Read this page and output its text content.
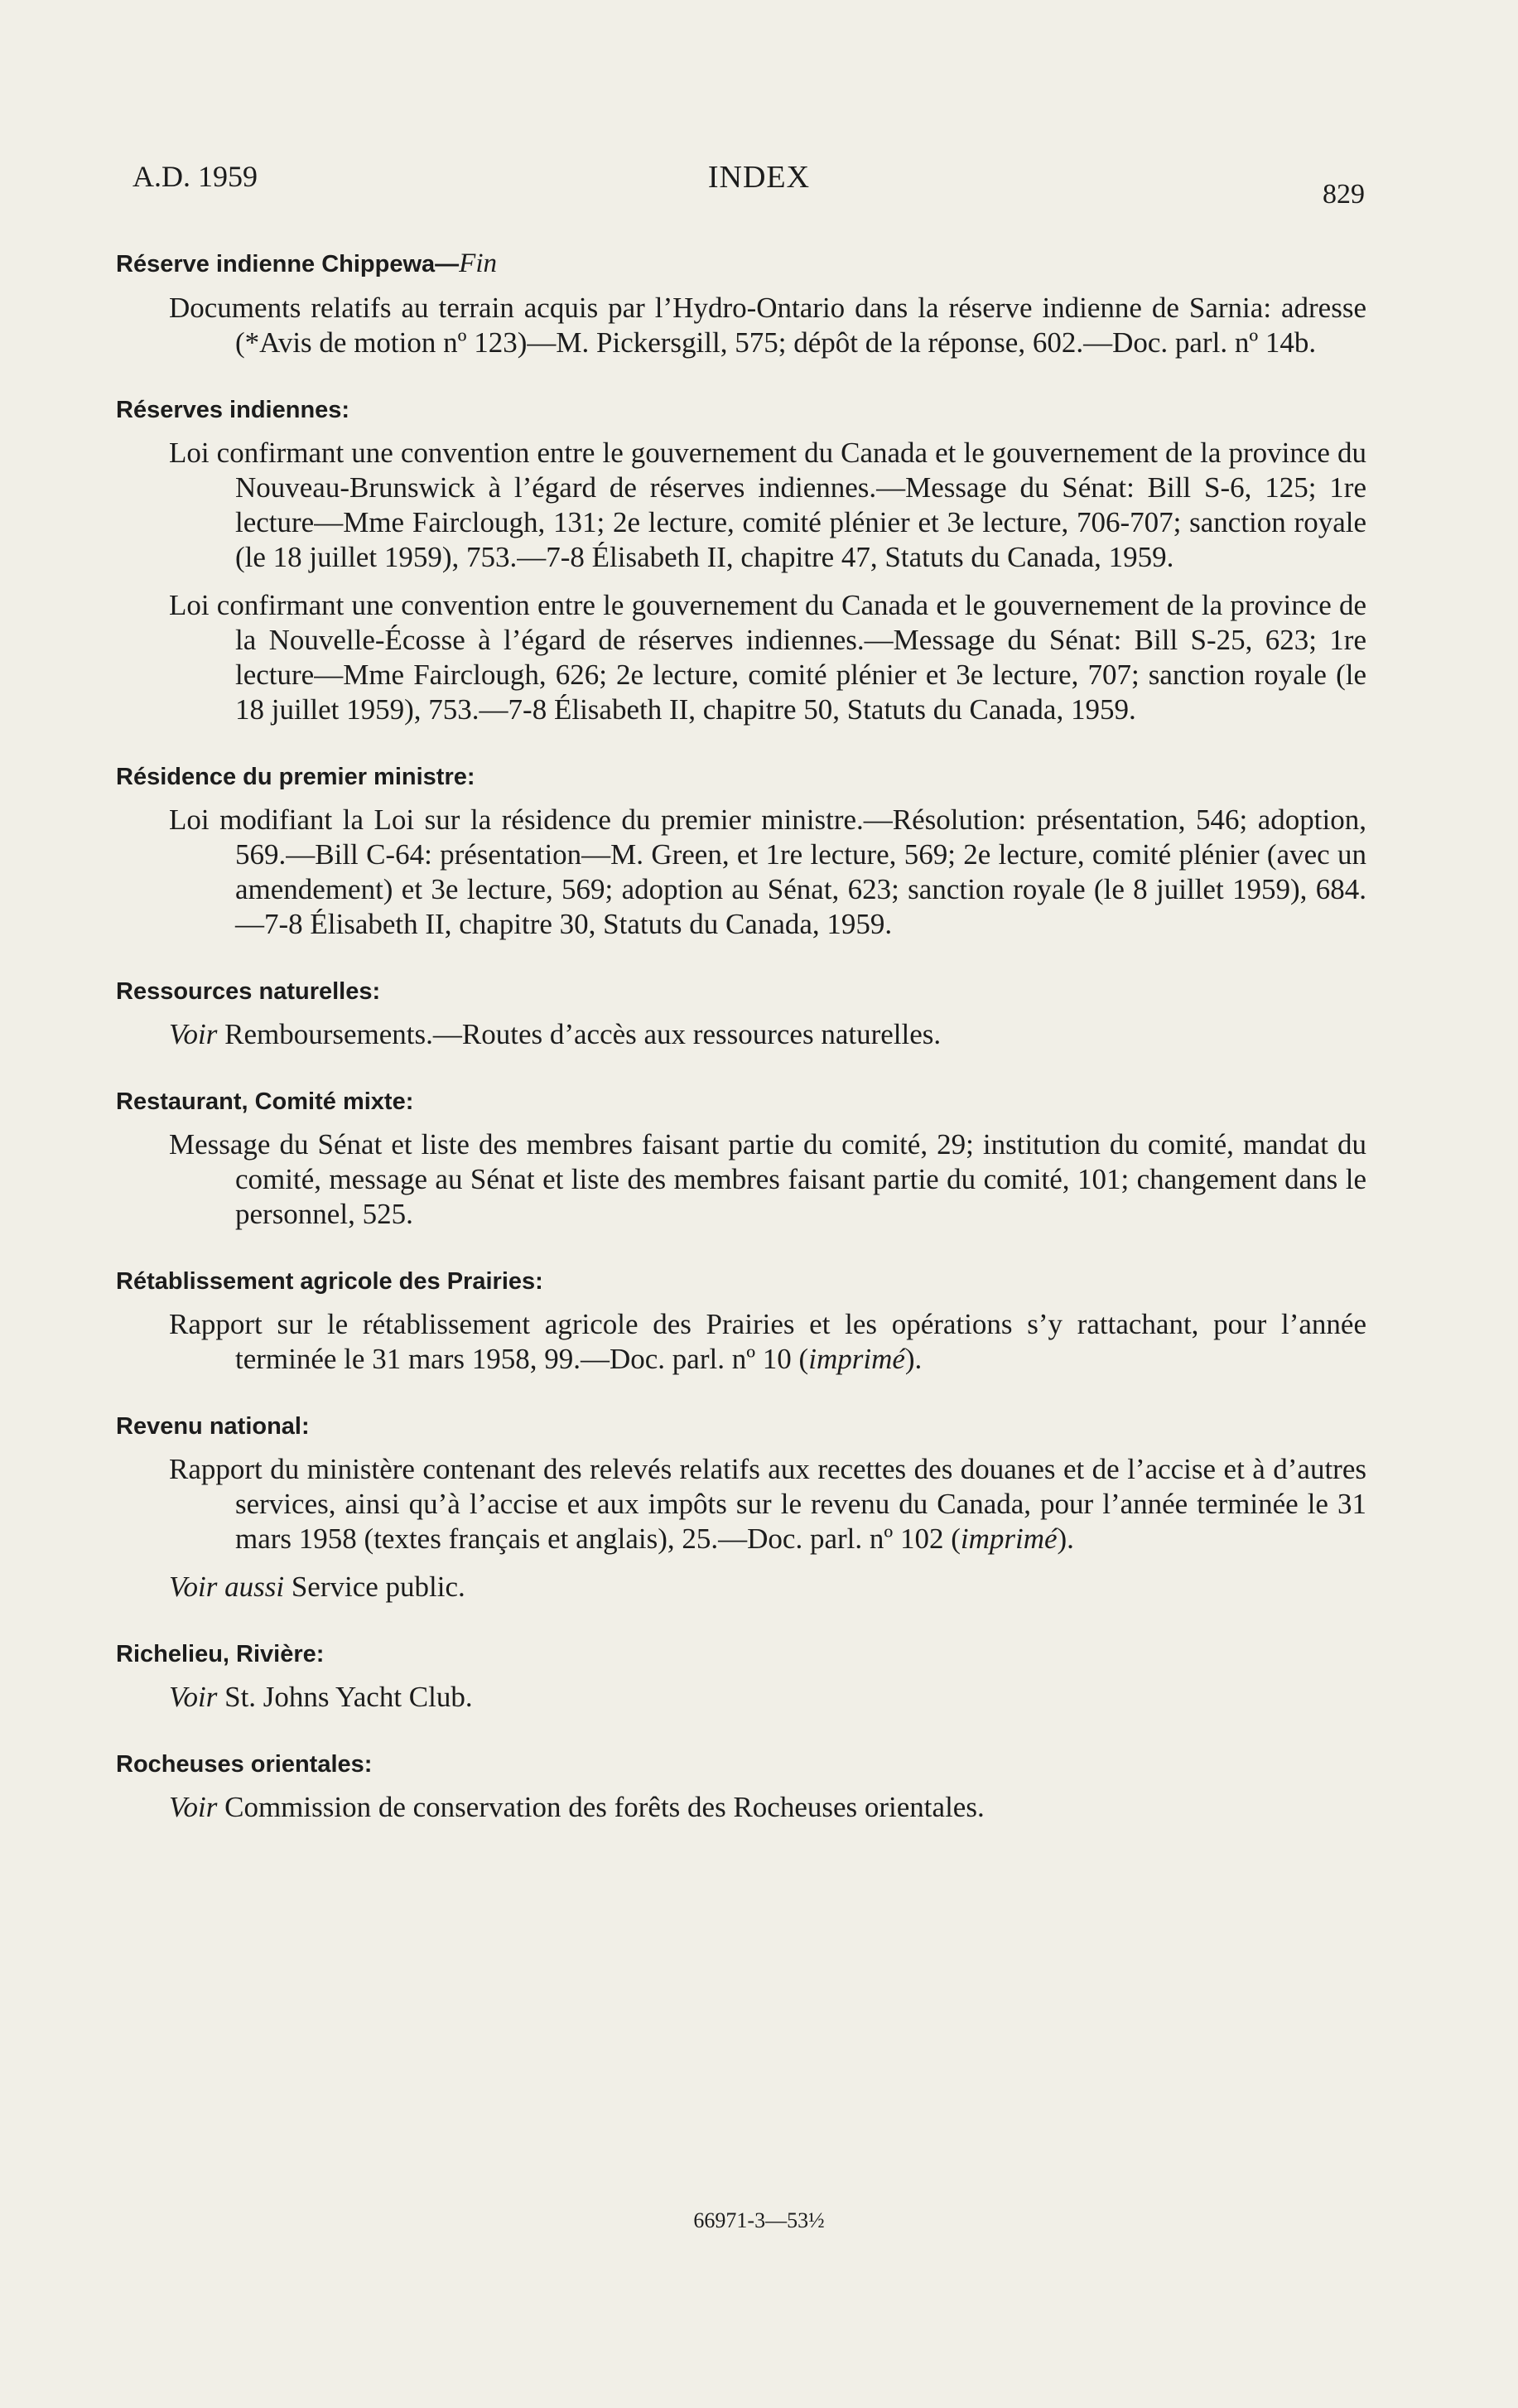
A.D. 1959	INDEX	829

Réserve indienne Chippewa—Fin

Documents relatifs au terrain acquis par l’Hydro-Ontario dans la réserve indienne de Sarnia: adresse (*Avis de motion nº 123)—M. Pickersgill, 575; dépôt de la réponse, 602.—Doc. parl. nº 14b.

Réserves indiennes:

Loi confirmant une convention entre le gouvernement du Canada et le gouvernement de la province du Nouveau-Brunswick à l’égard de réserves indiennes.—Message du Sénat: Bill S-6, 125; 1re lecture—Mme Fairclough, 131; 2e lecture, comité plénier et 3e lecture, 706-707; sanction royale (le 18 juillet 1959), 753.—7-8 Élisabeth II, chapitre 47, Statuts du Canada, 1959.

Loi confirmant une convention entre le gouvernement du Canada et le gouvernement de la province de la Nouvelle-Écosse à l’égard de réserves indiennes.—Message du Sénat: Bill S-25, 623; 1re lecture—Mme Fairclough, 626; 2e lecture, comité plénier et 3e lecture, 707; sanction royale (le 18 juillet 1959), 753.—7-8 Élisabeth II, chapitre 50, Statuts du Canada, 1959.

Résidence du premier ministre:

Loi modifiant la Loi sur la résidence du premier ministre.—Résolution: présentation, 546; adoption, 569.—Bill C-64: présentation—M. Green, et 1re lecture, 569; 2e lecture, comité plénier (avec un amendement) et 3e lecture, 569; adoption au Sénat, 623; sanction royale (le 8 juillet 1959), 684.—7-8 Élisabeth II, chapitre 30, Statuts du Canada, 1959.

Ressources naturelles:

Voir Remboursements.—Routes d’accès aux ressources naturelles.

Restaurant, Comité mixte:

Message du Sénat et liste des membres faisant partie du comité, 29; institution du comité, mandat du comité, message au Sénat et liste des membres faisant partie du comité, 101; changement dans le personnel, 525.

Rétablissement agricole des Prairies:

Rapport sur le rétablissement agricole des Prairies et les opérations s’y rattachant, pour l’année terminée le 31 mars 1958, 99.—Doc. parl. nº 10 (imprimé).

Revenu national:

Rapport du ministère contenant des relevés relatifs aux recettes des douanes et de l’accise et à d’autres services, ainsi qu’à l’accise et aux impôts sur le revenu du Canada, pour l’année terminée le 31 mars 1958 (textes français et anglais), 25.—Doc. parl. nº 102 (imprimé).

Voir aussi Service public.

Richelieu, Rivière:

Voir St. Johns Yacht Club.

Rocheuses orientales:

Voir Commission de conservation des forêts des Rocheuses orientales.

66971-3—53½
